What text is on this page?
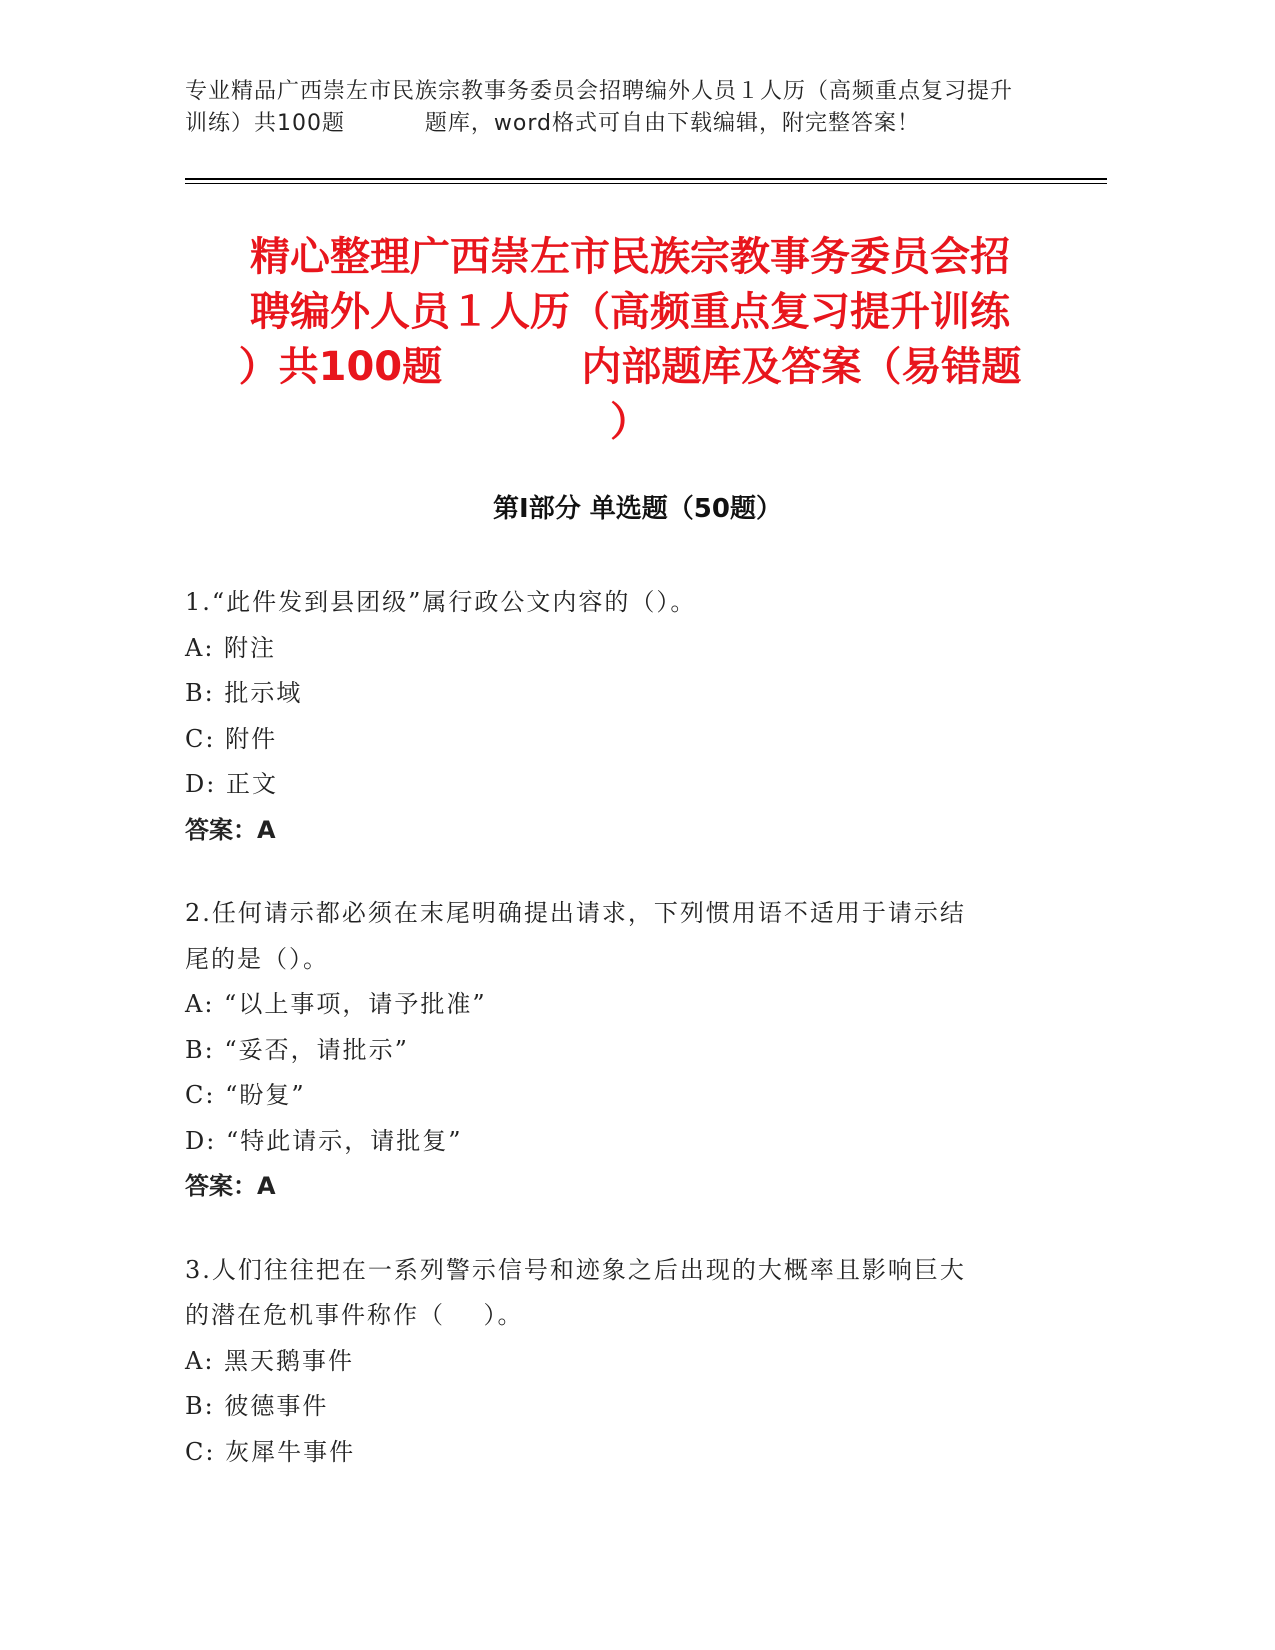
专业精品广西崇左市民族宗教事务委员会招聘编外人员１人历（高频重点复习提升
训练）共100题          题库，word格式可自由下载编辑，附完整答案！
精心整理广西崇左市民族宗教事务委员会招
聘编外人员１人历（高频重点复习提升训练
）共100题          内部题库及答案（易错题
）
第I部分 单选题（50题）
1.“此件发到县团级”属行政公文内容的（）。
A: 附注
B: 批示域
C: 附件
D: 正文
答案：A
2.任何请示都必须在末尾明确提出请求，下列惯用语不适用于请示结
尾的是（）。
A: “以上事项，请予批准”
B: “妥否，请批示”
C: “盼复”
D: “特此请示，请批复”
答案：A
3.人们往往把在一系列警示信号和迹象之后出现的大概率且影响巨大
的潜在危机事件称作（    ）。
A: 黑天鹅事件
B: 彼德事件
C: 灰犀牛事件
